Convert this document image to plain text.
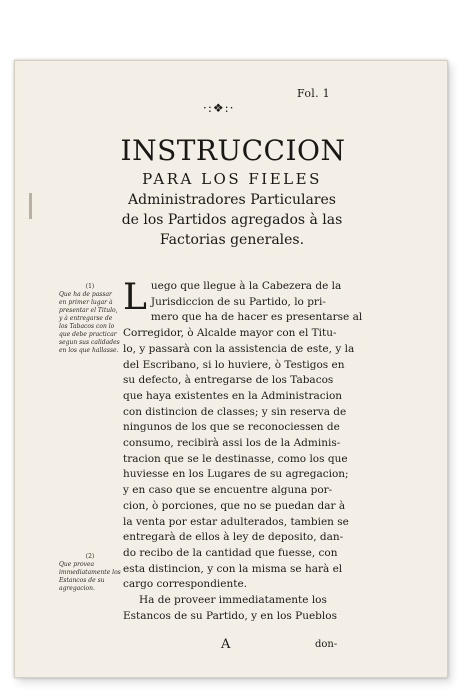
Fol. 1
·:❖:·
INSTRUCCION
PARA LOS FIELES
Administradores Particulares
de los Partidos agregados à las
Factorias generales.
(1)
Que ha de passar en primer lugar à presentar el Titulo, y à entregarse de los Tabacos con lo que debe practicar segun sus calidades en los que hallasse.
(2)
Que provea immediatamente los Estancos de su agregacion.
L uego que llegue à la Cabezera de la
Jurisdiccion de su Partido, lo pri-
mero que ha de hacer es presentarse al
Corregidor, ò Alcalde mayor con el Titu-
lo, y passarà con la assistencia de este, y la
del Escribano, si lo huviere, ò Testigos en
su defecto, à entregarse de los Tabacos
que haya existentes en la Administracion
con distincion de classes; y sin reserva de
ningunos de los que se reconociessen de
consumo, recibirà assi los de la Adminis-
tracion que se le destinasse, como los que
huviesse en los Lugares de su agregacion;
y en caso que se encuentre alguna por-
cion, ò porciones, que no se puedan dar à
la venta por estar adulterados, tambien se
entregarà de ellos à ley de deposito, dan-
do recibo de la cantidad que fuesse, con
esta distincion, y con la misma se harà el
cargo correspondiente.
Ha de proveer immediatamente los
Estancos de su Partido, y en los Pueblos
A	don-
